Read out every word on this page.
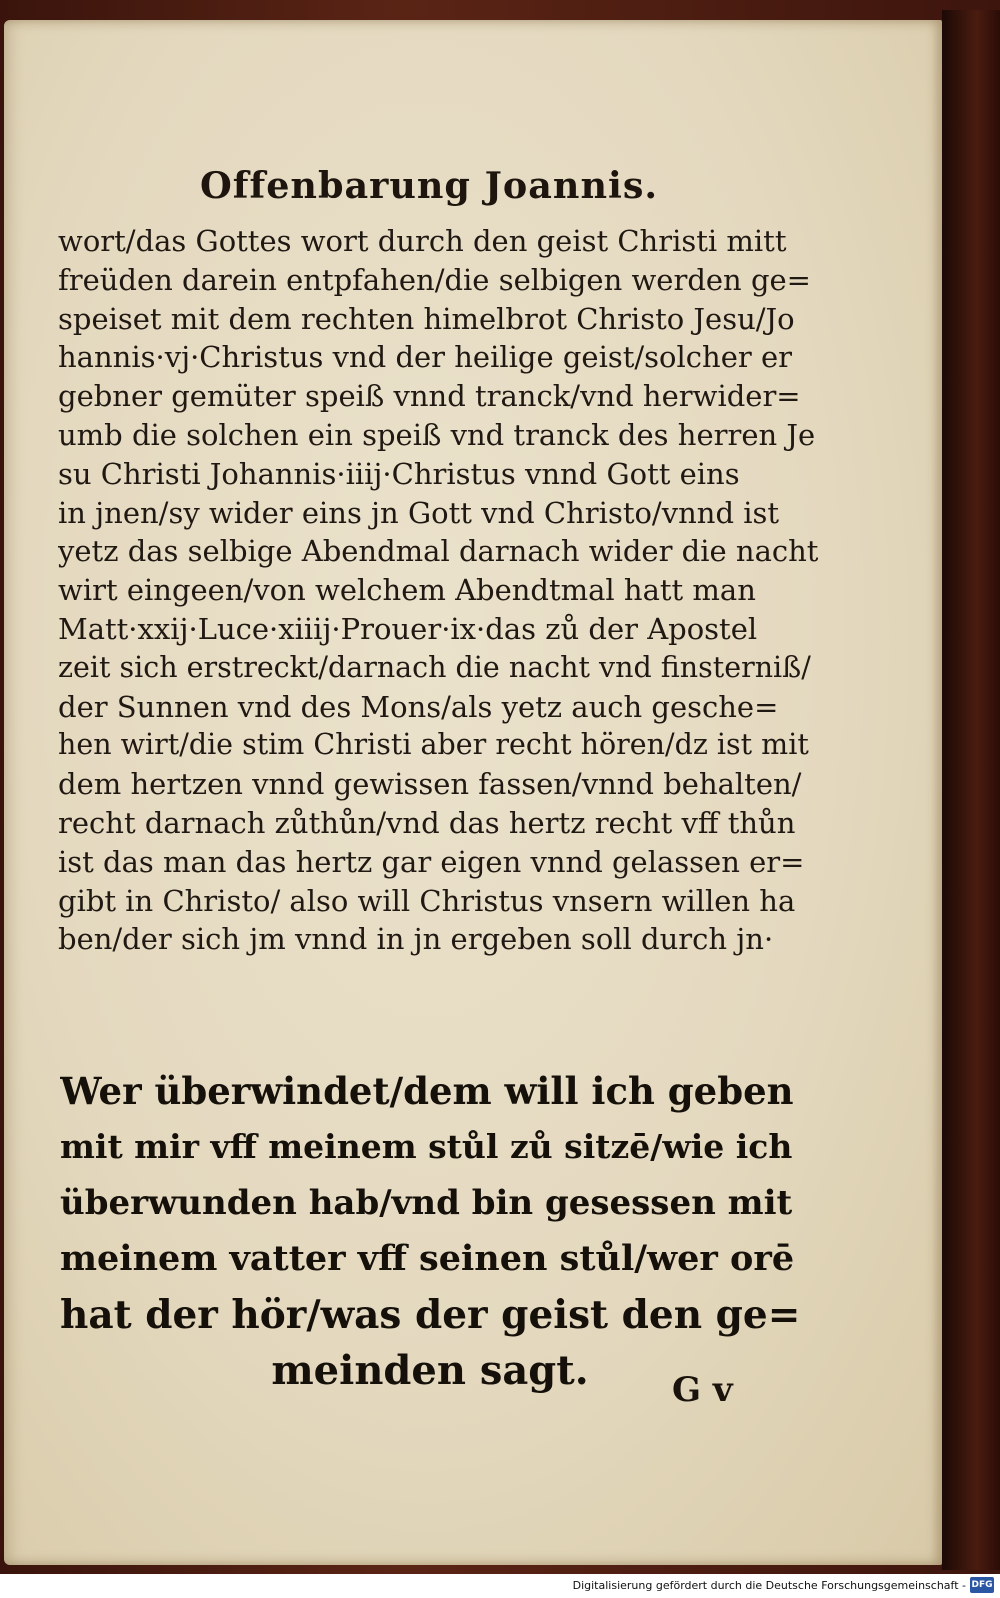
Offenbarung Joannis.
wort/das Gottes wort durch den geist Christi mitt
freüden darein entpfahen/die selbigen werden ge=
speiset mit dem rechten himelbrot Christo Jesu/Jo
hannis·vj·Christus vnd der heilige geist/solcher er
gebner gemüter speiß vnnd tranck/vnd herwider=
umb die solchen ein speiß vnd tranck des herren Je
su Christi Johannis·iiij·Christus vnnd Gott eins
in jnen/sy wider eins jn Gott vnd Christo/vnnd ist
yetz das selbige Abendmal darnach wider die nacht
wirt eingeen/von welchem Abendtmal hatt man
Matt·xxij·Luce·xiiij·Prouer·ix·das zů der Apostel
zeit sich erstreckt/darnach die nacht vnd finsterniß/
der Sunnen vnd des Mons/als yetz auch gesche=
hen wirt/die stim Christi aber recht hören/dz ist mit
dem hertzen vnnd gewissen fassen/vnnd behalten/
recht darnach zůthůn/vnd das hertz recht vff thůn
ist das man das hertz gar eigen vnnd gelassen er=
gibt in Christo/ also will Christus vnsern willen ha
ben/der sich jm vnnd in jn ergeben soll durch jn·
Wer überwindet/dem will ich geben
mit mir vff meinem stůl zů sitzē/wie ich
überwunden hab/vnd bin gesessen mit
meinem vatter vff seinen stůl/wer orē
hat der hör/was der geist den ge=
meinden sagt.	G v
Digitalisierung gefördert durch die Deutsche Forschungsgemeinschaft - DFG
